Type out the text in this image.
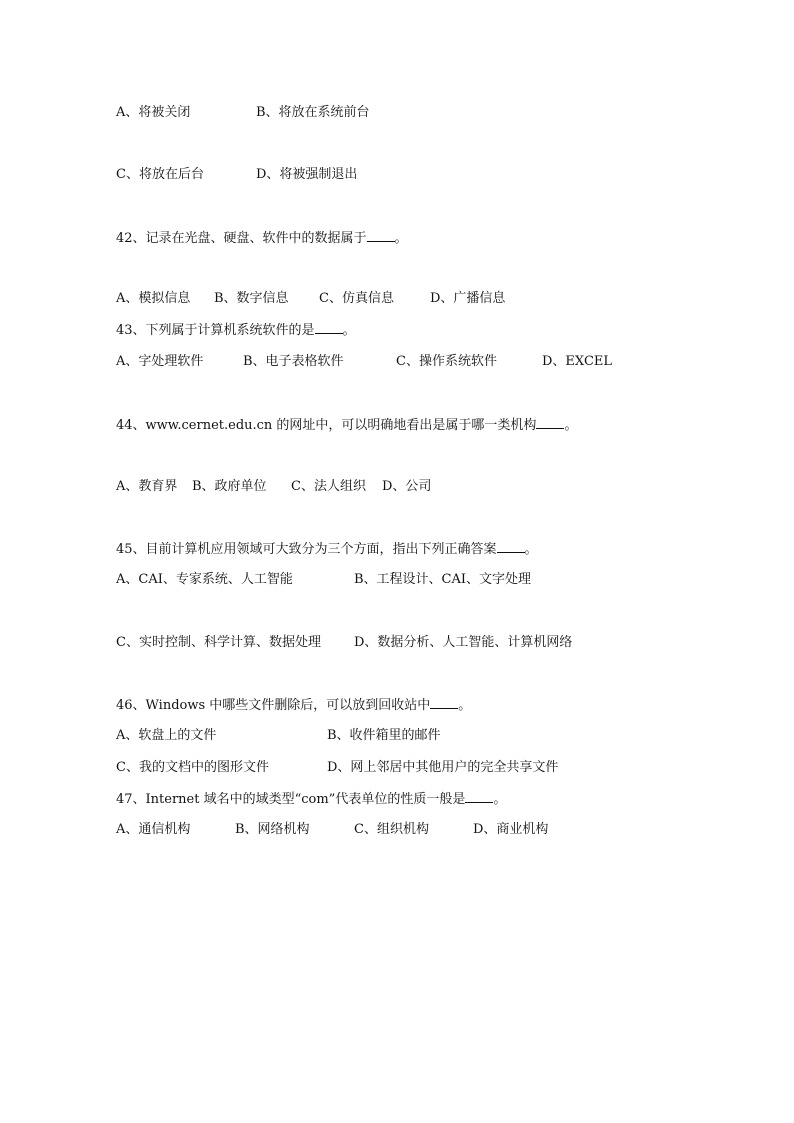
A、将被关闭

	B、将放在系统前台

C、将放在后台

	D、将被强制退出

42、记录在光盘、硬盘、软件中的数据属于 。

A、模拟信息

B、数字信息

C、仿真信息

	D、广播信息

43、下列属于计算机系统软件的是 。

A、字处理软件

	B、电子表格软件

	C、操作系统软件

	D、EXCEL

44、www.cernet.edu.cn 的网址中，可以明确地看出是属于哪一类机构 。

A、教育界

B、政府单位

C、法人组织

D、公司

45、目前计算机应用领域可大致分为三个方面，指出下列正确答案 。

A、CAI、专家系统、人工智能

	B、工程设计、CAI、文字处理

C、实时控制、科学计算、数据处理

	D、数据分析、人工智能、计算机网络

46、Windows 中哪些文件删除后，可以放到回收站中 。

A、软盘上的文件

	B、收件箱里的邮件

C、我的文档中的图形文件

	D、网上邻居中其他用户的完全共享文件

47、Internet 域名中的域类型“com”代表单位的性质一般是 。

A、通信机构

	B、网络机构

	C、组织机构

	D、商业机构
